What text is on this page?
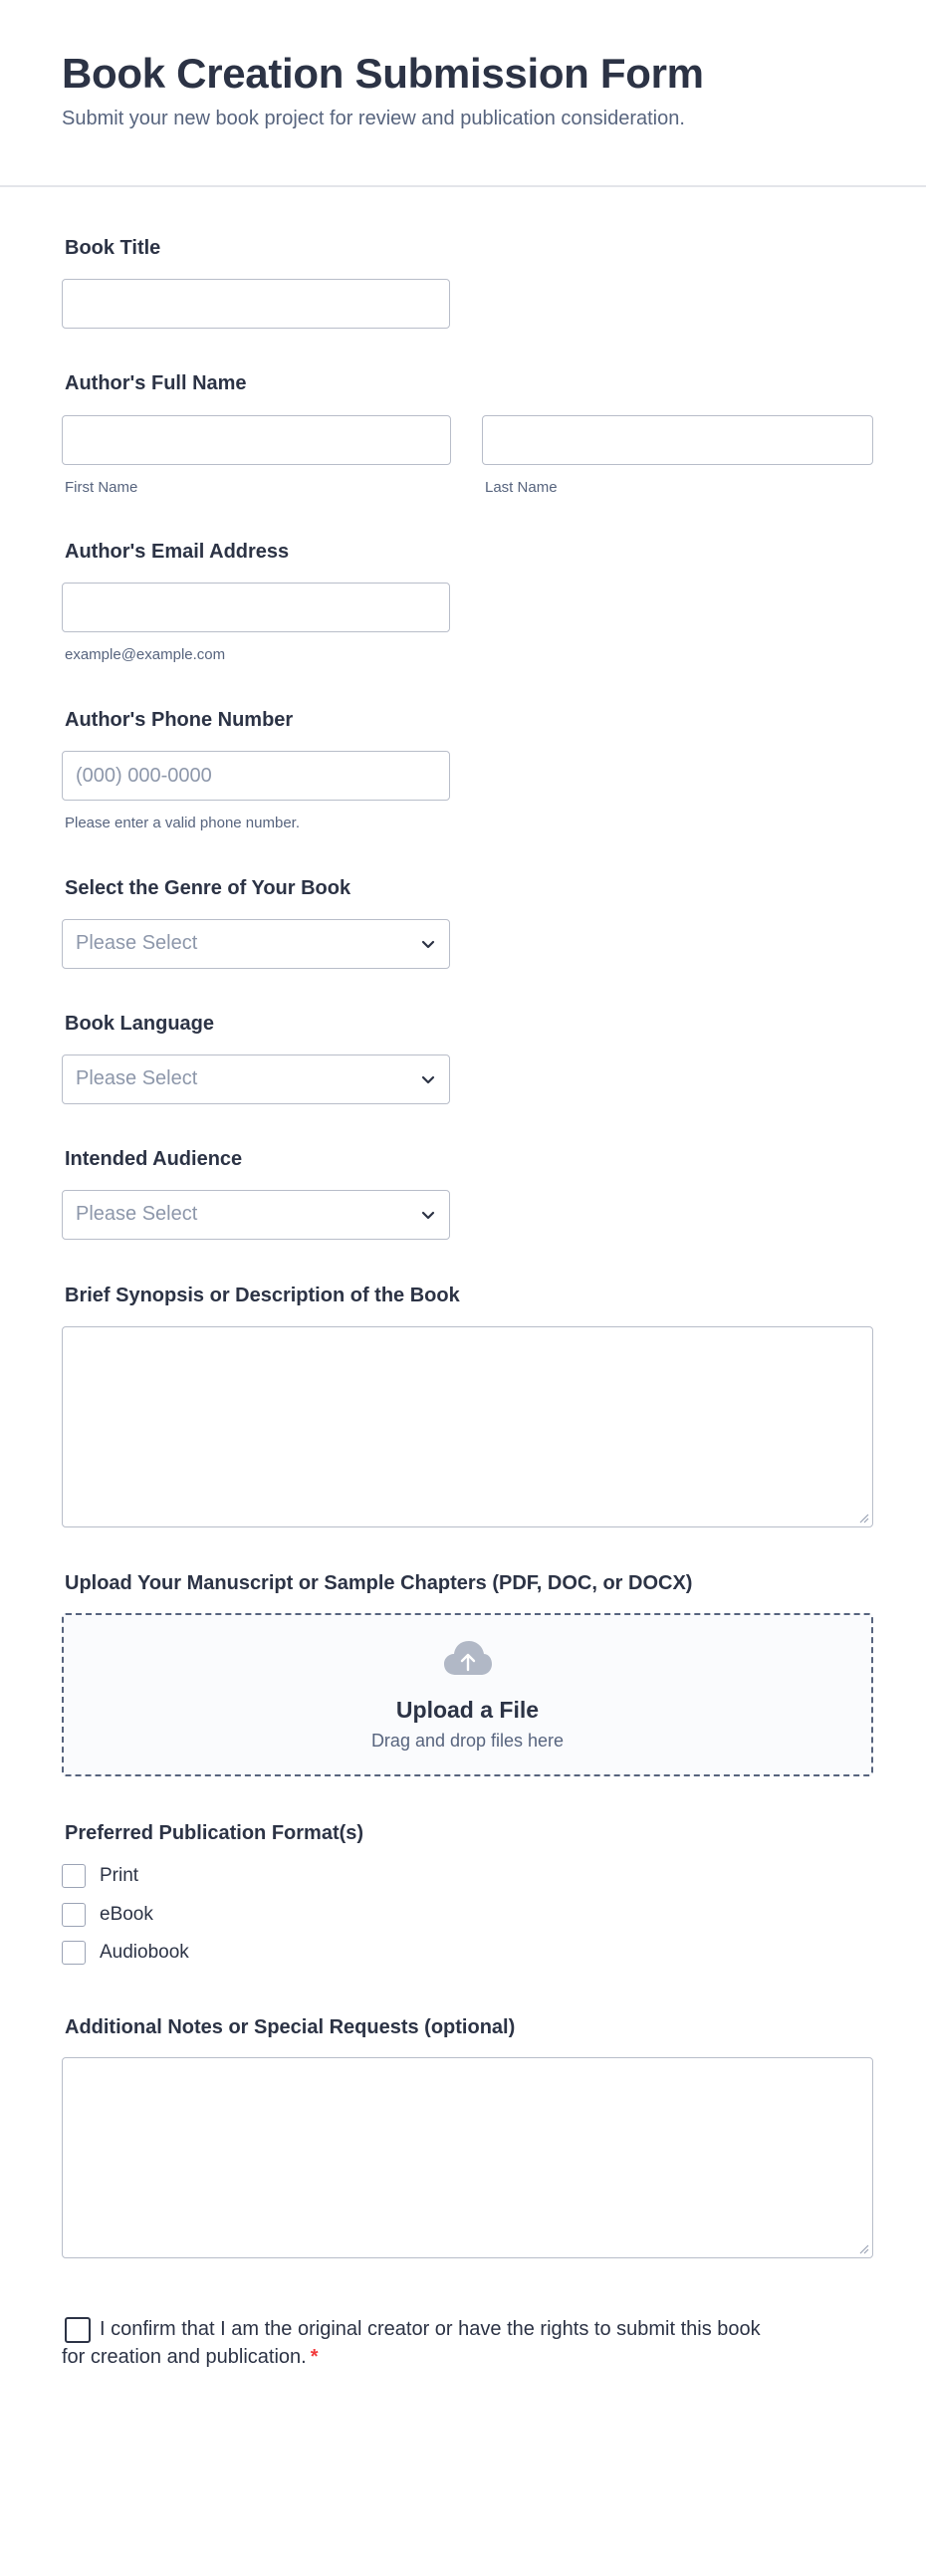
Book Creation Submission Form
Submit your new book project for review and publication consideration.
Book Title
Author's Full Name
First Name	Last Name
Author's Email Address
example@example.com
Author's Phone Number
(000) 000-0000
Please enter a valid phone number.
Select the Genre of Your Book
Please Select
Book Language
Please Select
Intended Audience
Please Select
Brief Synopsis or Description of the Book
Upload Your Manuscript or Sample Chapters (PDF, DOC, or DOCX)
Upload a File
Drag and drop files here
Preferred Publication Format(s)
Print
eBook
Audiobook
Additional Notes or Special Requests (optional)
I confirm that I am the original creator or have the rights to submit this book for creation and publication. *
